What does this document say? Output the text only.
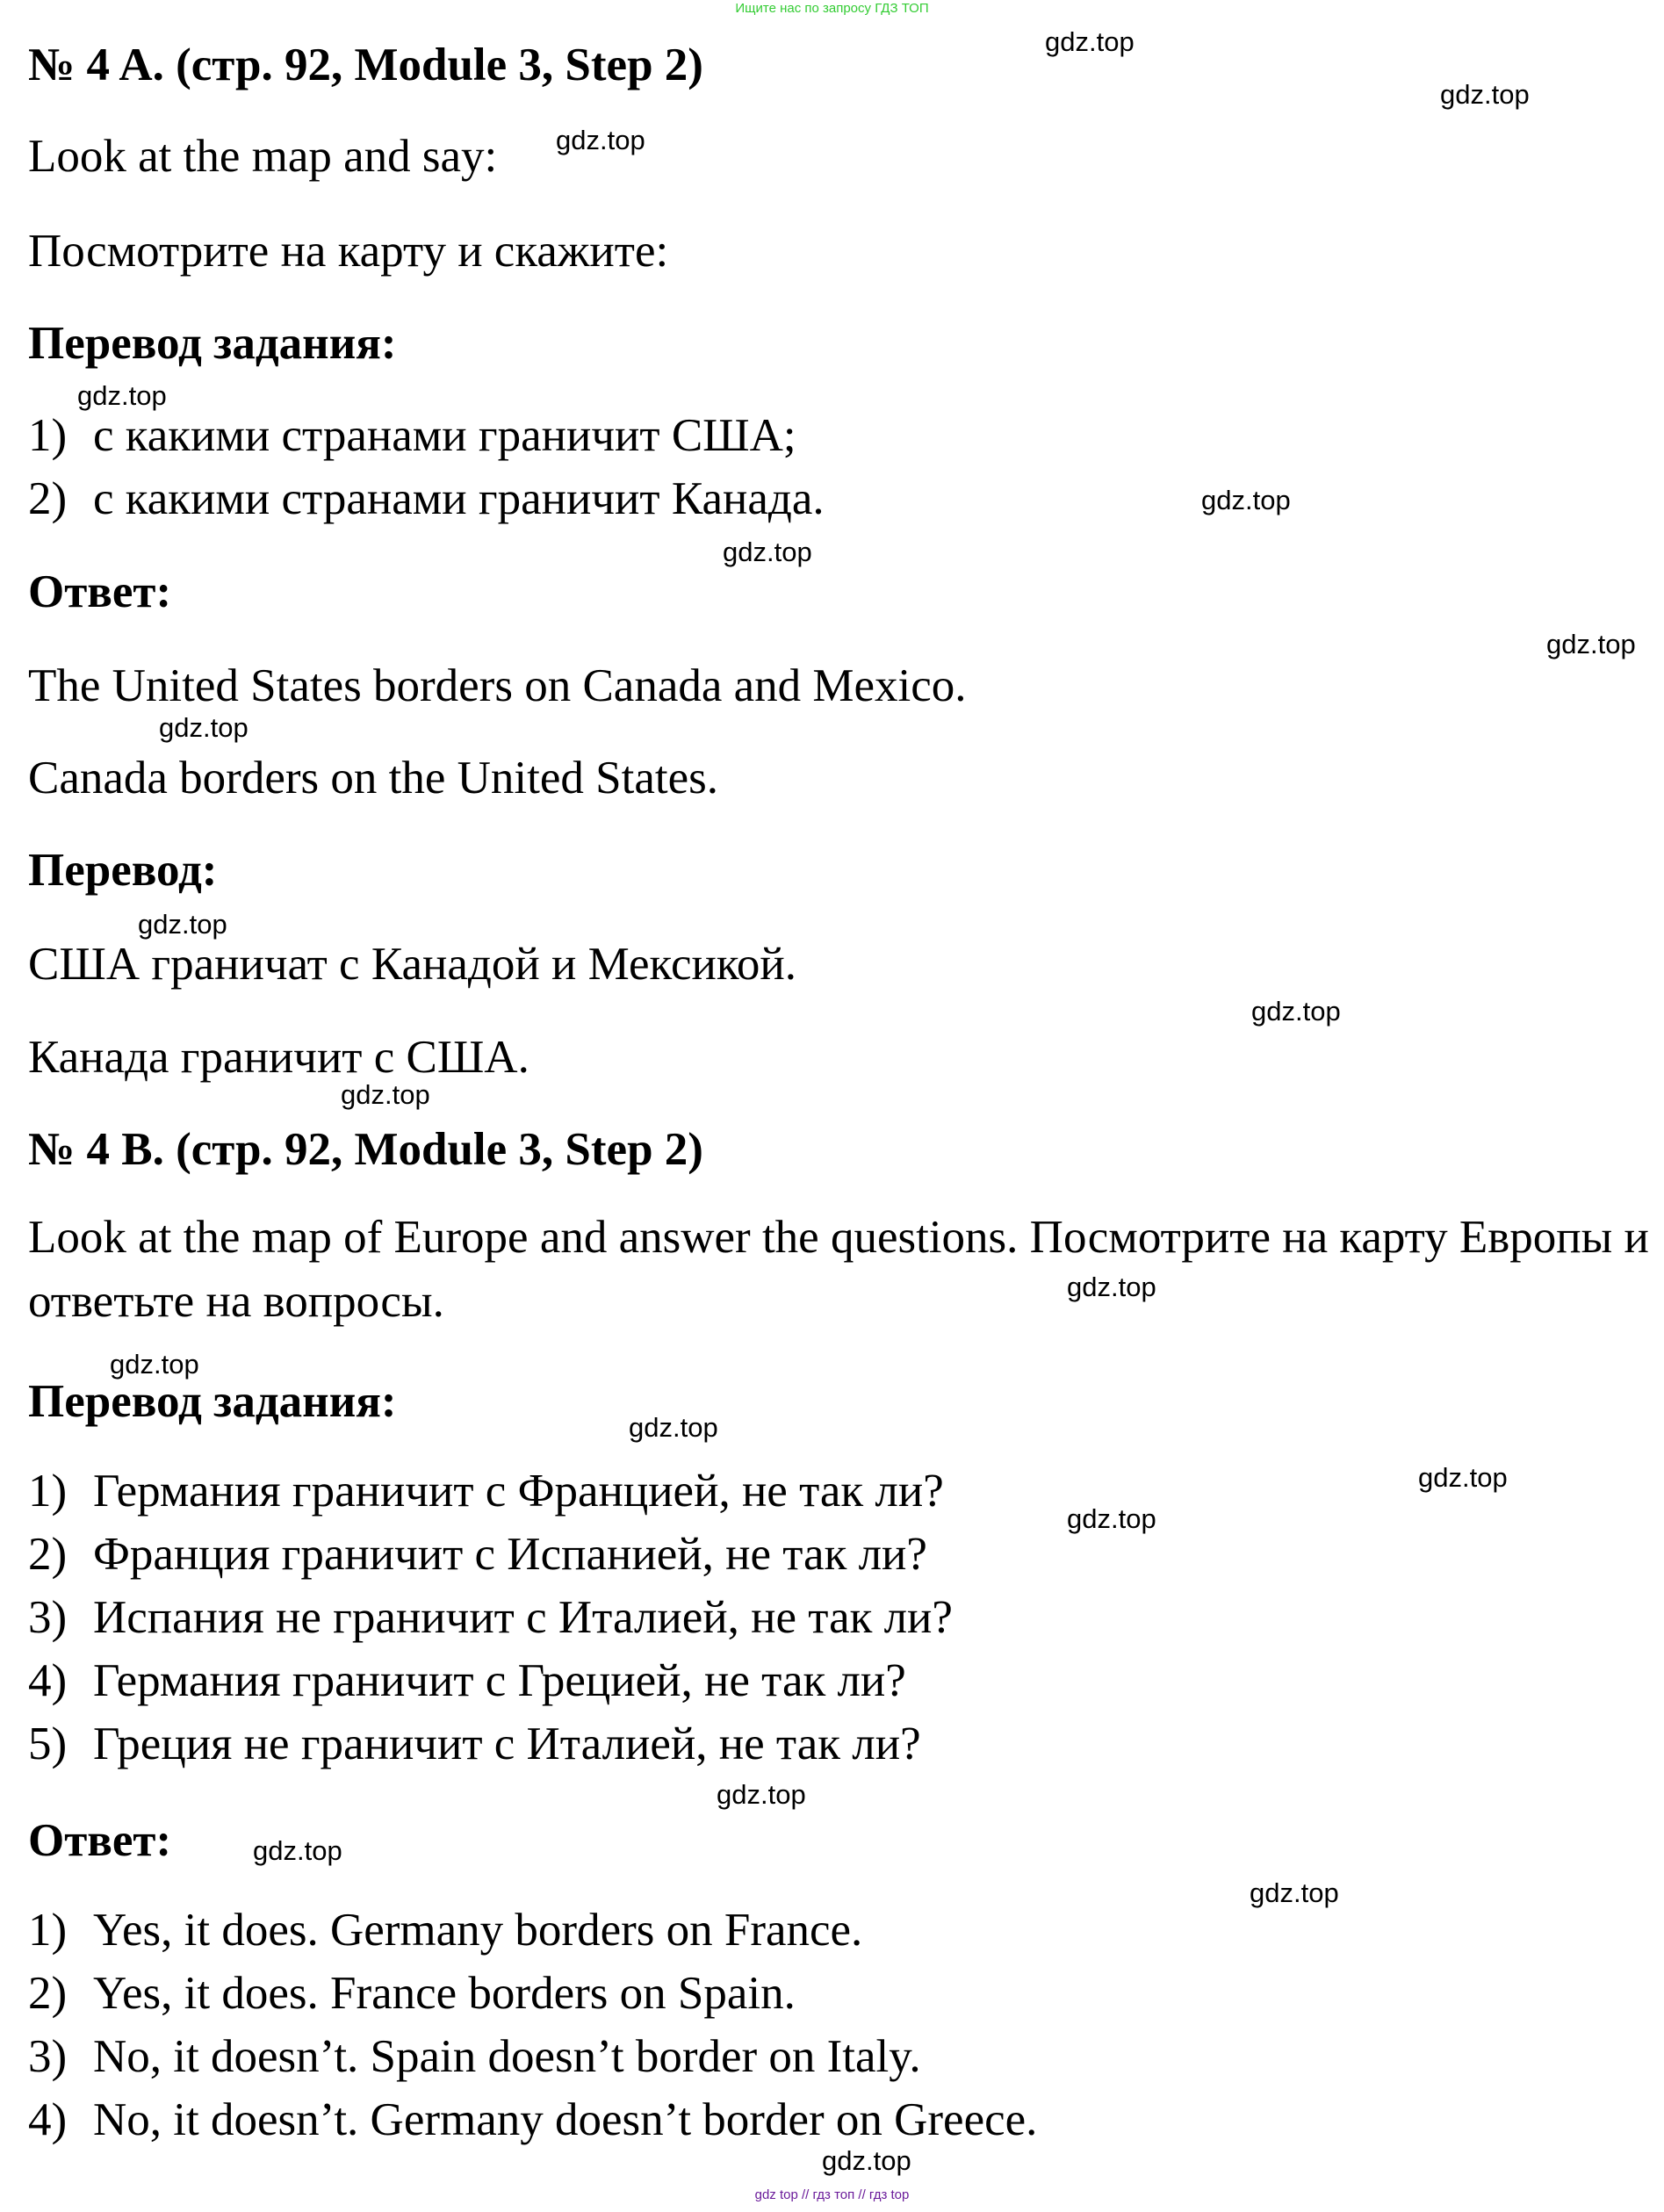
Ищите нас по запросу ГДЗ ТОП
№ 4 A. (стр. 92, Module 3, Step 2)
Look at the map and say:
Посмотрите на карту и скажите:
Перевод задания:
1) с какими странами граничит США;
2) с какими странами граничит Канада.
Ответ:
The United States borders on Canada and Mexico.
Canada borders on the United States.
Перевод:
США граничат с Канадой и Мексикой.
Канада граничит с США.
№ 4 B. (стр. 92, Module 3, Step 2)
Look at the map of Europe and answer the questions. Посмотрите на карту Европы и ответьте на вопросы.
Перевод задания:
1) Германия граничит с Францией, не так ли?
2) Франция граничит с Испанией, не так ли?
3) Испания не граничит с Италией, не так ли?
4) Германия граничит с Грецией, не так ли?
5) Греция не граничит с Италией, не так ли?
Ответ:
1) Yes, it does. Germany borders on France.
2) Yes, it does. France borders on Spain.
3) No, it doesn’t. Spain doesn’t border on Italy.
4) No, it doesn’t. Germany doesn’t border on Greece.
gdz.top
gdz.top
gdz.top
gdz.top
gdz.top
gdz.top
gdz.top
gdz.top
gdz.top
gdz.top
gdz.top
gdz.top
gdz.top
gdz.top
gdz.top
gdz.top
gdz.top
gdz.top
gdz.top
gdz.top
gdz top // гдз топ // гдз top
